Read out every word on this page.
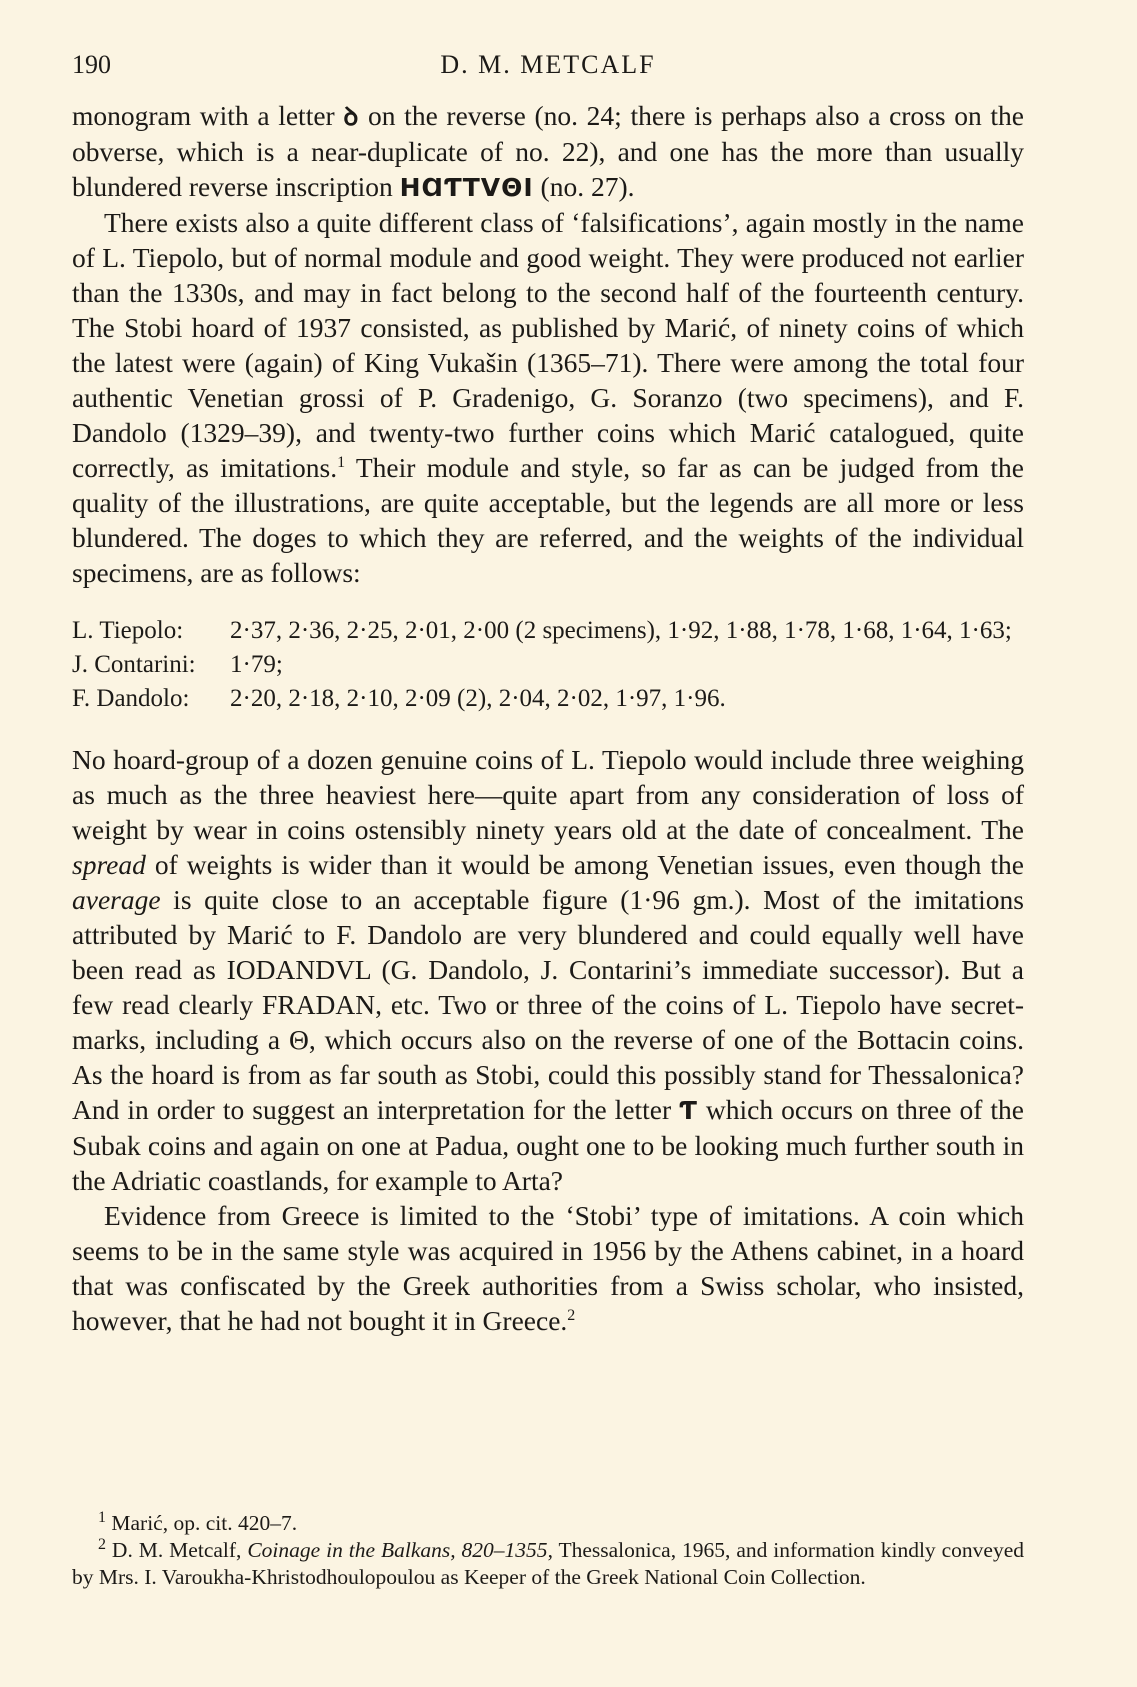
190	D. M. METCALF

monogram with a letter ꝺ on the reverse (no. 24; there is perhaps also a cross on the obverse, which is a near-duplicate of no. 22), and one has the more than usually blundered reverse inscription HⱭƬTVΘI (no. 27).

There exists also a quite different class of ‘falsifications’, again mostly in the name of L. Tiepolo, but of normal module and good weight. They were produced not earlier than the 1330s, and may in fact belong to the second half of the fourteenth century. The Stobi hoard of 1937 consisted, as published by Marić, of ninety coins of which the latest were (again) of King Vukašin (1365–71). There were among the total four authentic Venetian grossi of P. Gradenigo, G. Soranzo (two specimens), and F. Dandolo (1329–39), and twenty-two further coins which Marić catalogued, quite correctly, as imitations.$^1$ Their module and style, so far as can be judged from the quality of the illustrations, are quite acceptable, but the legends are all more or less blundered. The doges to which they are referred, and the weights of the individual specimens, are as follows:

L. Tiepolo:	2·37, 2·36, 2·25, 2·01, 2·00 (2 specimens), 1·92, 1·88, 1·78, 1·68, 1·64, 1·63;
J. Contarini:	1·79;
F. Dandolo:	2·20, 2·18, 2·10, 2·09 (2), 2·04, 2·02, 1·97, 1·96.

No hoard-group of a dozen genuine coins of L. Tiepolo would include three weighing as much as the three heaviest here—quite apart from any consideration of loss of weight by wear in coins ostensibly ninety years old at the date of concealment. The spread of weights is wider than it would be among Venetian issues, even though the average is quite close to an acceptable figure (1·96 gm.). Most of the imitations attributed by Marić to F. Dandolo are very blundered and could equally well have been read as IODANDVL (G. Dandolo, J. Contarini’s immediate successor). But a few read clearly FRADAN, etc. Two or three of the coins of L. Tiepolo have secret-marks, including a Θ, which occurs also on the reverse of one of the Bottacin coins. As the hoard is from as far south as Stobi, could this possibly stand for Thessalonica? And in order to suggest an interpretation for the letter Ƭ which occurs on three of the Subak coins and again on one at Padua, ought one to be looking much further south in the Adriatic coastlands, for example to Arta?

Evidence from Greece is limited to the ‘Stobi’ type of imitations. A coin which seems to be in the same style was acquired in 1956 by the Athens cabinet, in a hoard that was confiscated by the Greek authorities from a Swiss scholar, who insisted, however, that he had not bought it in Greece.$^2$

$^1$ Marić, op. cit. 420–7.

$^2$ D. M. Metcalf, Coinage in the Balkans, 820–1355, Thessalonica, 1965, and information kindly conveyed by Mrs. I. Varoukha-Khristodhoulopoulou as Keeper of the Greek National Coin Collection.
